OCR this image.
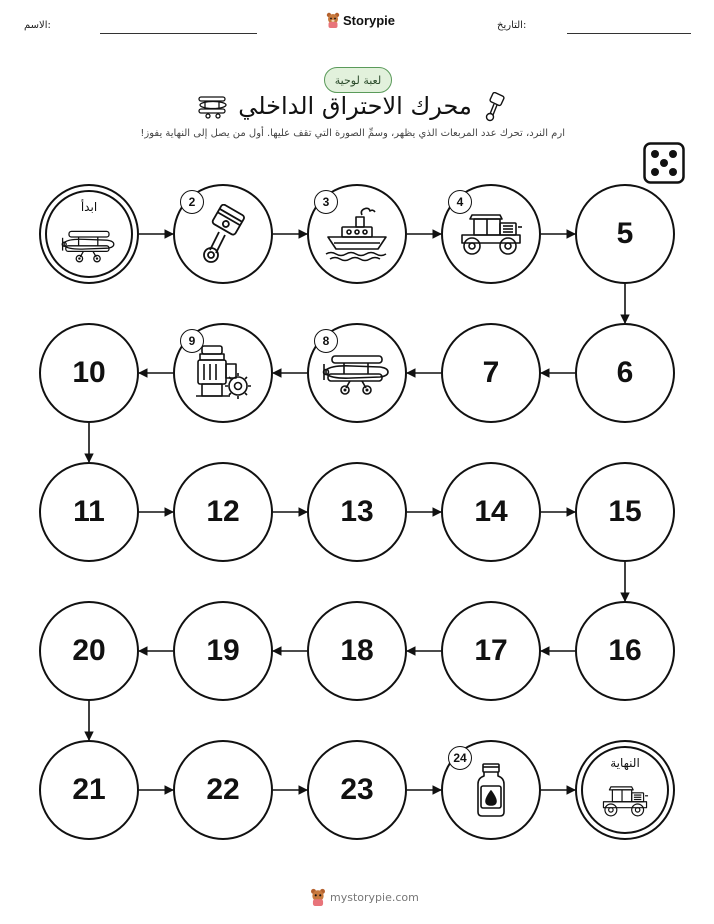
الاسم:	Storypie	التاريخ:
لعبة لوحية
محرك الاحتراق الداخلي
ارم النرد، تحرك عدد المربعات الذي يظهر، وسمِّ الصورة التي تقف عليها. أول من يصل إلى النهاية يفوز!
ابدأ	2	3	4
5
6
7
8
9
10
11	12	13	14	15
16
17
18
19
20
21	22	23
24	النهاية
mystorypie.com
